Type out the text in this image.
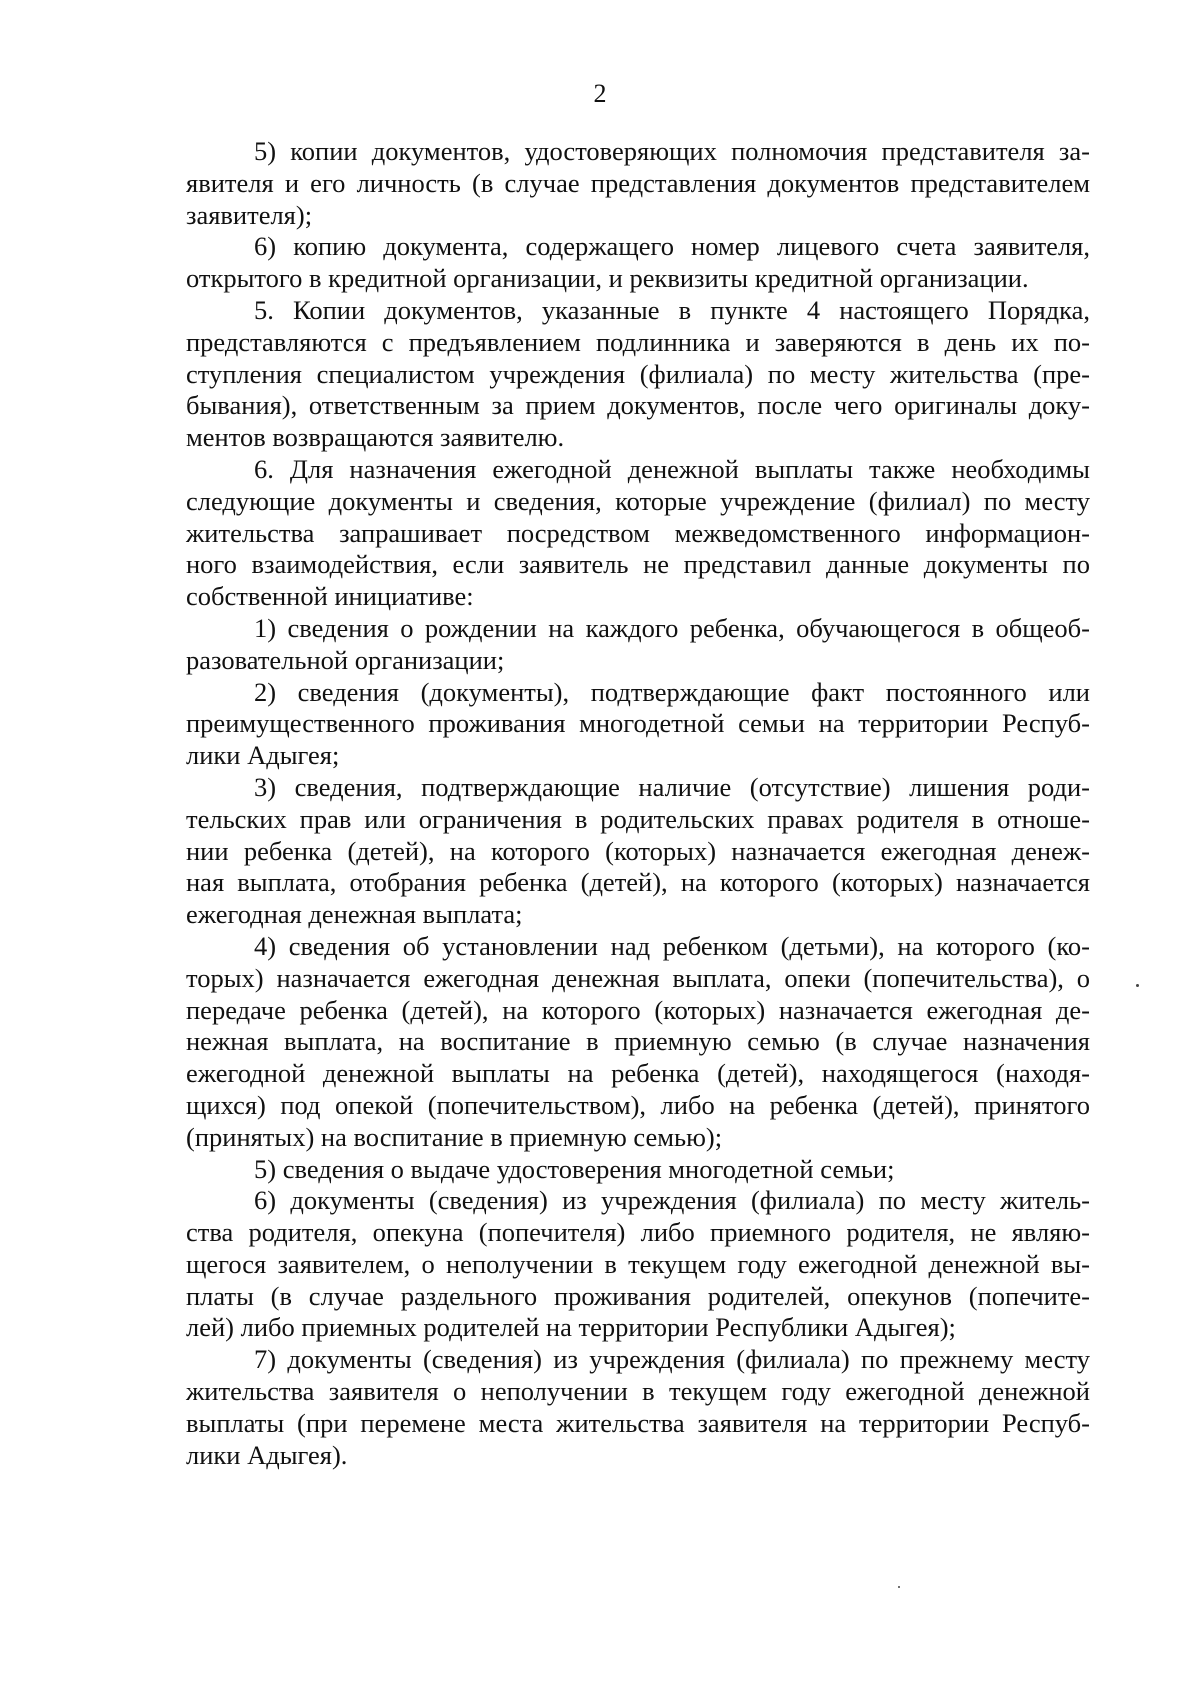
2
5) копии документов, удостоверяющих полномочия представителя за-
явителя и его личность (в случае представления документов представителем
заявителя);
6) копию документа, содержащего номер лицевого счета заявителя,
открытого в кредитной организации, и реквизиты кредитной организации.
5. Копии документов, указанные в пункте 4 настоящего Порядка,
представляются с предъявлением подлинника и заверяются в день их по-
ступления специалистом учреждения (филиала) по месту жительства (пре-
бывания), ответственным за прием документов, после чего оригиналы доку-
ментов возвращаются заявителю.
6. Для назначения ежегодной денежной выплаты также необходимы
следующие документы и сведения, которые учреждение (филиал) по месту
жительства запрашивает посредством межведомственного информацион-
ного взаимодействия, если заявитель не представил данные документы по
собственной инициативе:
1) сведения о рождении на каждого ребенка, обучающегося в общеоб-
разовательной организации;
2) сведения (документы), подтверждающие факт постоянного или
преимущественного проживания многодетной семьи на территории Респуб-
лики Адыгея;
3) сведения, подтверждающие наличие (отсутствие) лишения роди-
тельских прав или ограничения в родительских правах родителя в отноше-
нии ребенка (детей), на которого (которых) назначается ежегодная денеж-
ная выплата, отобрания ребенка (детей), на которого (которых) назначается
ежегодная денежная выплата;
4) сведения об установлении над ребенком (детьми), на которого (ко-
торых) назначается ежегодная денежная выплата, опеки (попечительства), о
передаче ребенка (детей), на которого (которых) назначается ежегодная де-
нежная выплата, на воспитание в приемную семью (в случае назначения
ежегодной денежной выплаты на ребенка (детей), находящегося (находя-
щихся) под опекой (попечительством), либо на ребенка (детей), принятого
(принятых) на воспитание в приемную семью);
5) сведения о выдаче удостоверения многодетной семьи;
6) документы (сведения) из учреждения (филиала) по месту житель-
ства родителя, опекуна (попечителя) либо приемного родителя, не являю-
щегося заявителем, о неполучении в текущем году ежегодной денежной вы-
платы (в случае раздельного проживания родителей, опекунов (попечите-
лей) либо приемных родителей на территории Республики Адыгея);
7) документы (сведения) из учреждения (филиала) по прежнему месту
жительства заявителя о неполучении в текущем году ежегодной денежной
выплаты (при перемене места жительства заявителя на территории Респуб-
лики Адыгея).
